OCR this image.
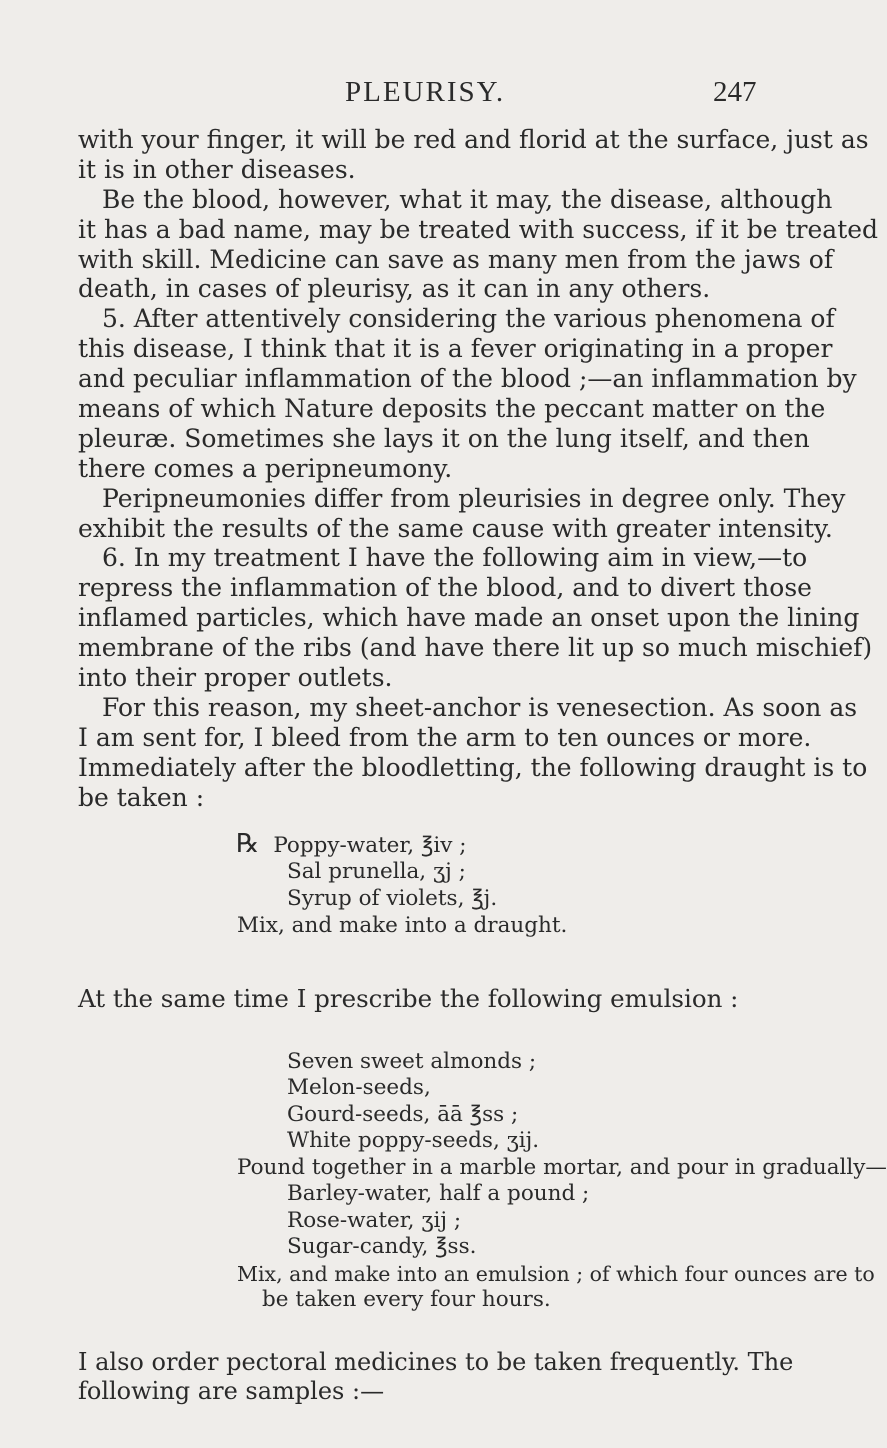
PLEURISY.	247
with your finger, it will be red and florid at the surface, just as
it is in other diseases.
Be the blood, however, what it may, the disease, although
it has a bad name, may be treated with success, if it be treated
with skill. Medicine can save as many men from the jaws of
death, in cases of pleurisy, as it can in any others.
5. After attentively considering the various phenomena of
this disease, I think that it is a fever originating in a proper
and peculiar inflammation of the blood ;—an inflammation by
means of which Nature deposits the peccant matter on the
pleuræ. Sometimes she lays it on the lung itself, and then
there comes a peripneumony.
Peripneumonies differ from pleurisies in degree only. They
exhibit the results of the same cause with greater intensity.
6. In my treatment I have the following aim in view,—to
repress the inflammation of the blood, and to divert those
inflamed particles, which have made an onset upon the lining
membrane of the ribs (and have there lit up so much mischief)
into their proper outlets.
For this reason, my sheet-anchor is venesection. As soon as
I am sent for, I bleed from the arm to ten ounces or more.
Immediately after the bloodletting, the following draught is to
be taken :
℞ Poppy-water, ℥iv ;
Sal prunella, ʒj ;
Syrup of violets, ℥j.
Mix, and make into a draught.
At the same time I prescribe the following emulsion :
Seven sweet almonds ;
Melon-seeds,
Gourd-seeds, āā ℥ss ;
White poppy-seeds, ʒij.
Pound together in a marble mortar, and pour in gradually—
Barley-water, half a pound ;
Rose-water, ʒij ;
Sugar-candy, ℥ss.
Mix, and make into an emulsion ; of which four ounces are to
be taken every four hours.
I also order pectoral medicines to be taken frequently. The
following are samples :—
